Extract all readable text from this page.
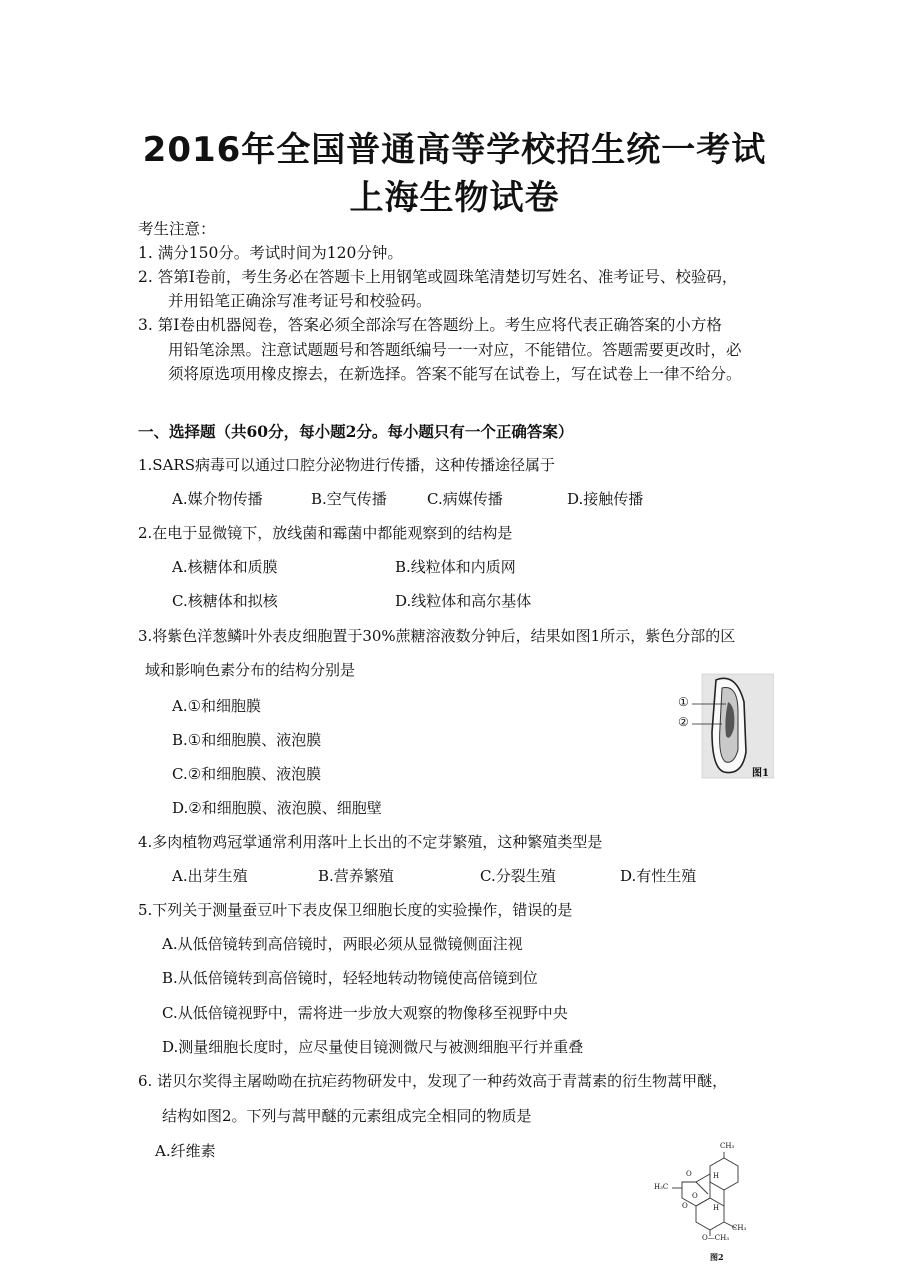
2016年全国普通高等学校招生统一考试
上海生物试卷
考生注意：
1. 满分150分。考试时间为120分钟。
2. 答第Ⅰ卷前，考生务必在答题卡上用钢笔或圆珠笔清楚切写姓名、准考证号、校验码，
并用铅笔正确涂写准考证号和校验码。
3. 第Ⅰ卷由机器阅卷，答案必须全部涂写在答题纷上。考生应将代表正确答案的小方格
用铅笔涂黑。注意试题题号和答题纸编号一一对应，不能错位。答题需要更改时，必
须将原选项用橡皮擦去，在新选择。答案不能写在试卷上，写在试卷上一律不给分。
一、选择题（共60分，每小题2分。每小题只有一个正确答案）
1.SARS病毒可以通过口腔分泌物进行传播，这种传播途径属于
A.媒介物传播	B.空气传播	C.病媒传播	D.接触传播
2.在电于显微镜下，放线菌和霉菌中都能观察到的结构是
A.核糖体和质膜	B.线粒体和内质网
C.核糖体和拟核	D.线粒体和高尔基体
3.将紫色洋葱鳞叶外表皮细胞置于30%蔗糖溶液数分钟后，结果如图1所示，紫色分部的区
域和影响色素分布的结构分别是
A.①和细胞膜
B.①和细胞膜、液泡膜
C.②和细胞膜、液泡膜
D.②和细胞膜、液泡膜、细胞壁
①
②
图1
4.多肉植物鸡冠掌通常利用落叶上长出的不定芽繁殖，这种繁殖类型是
A.出芽生殖	B.营养繁殖	C.分裂生殖	D.有性生殖
5.下列关于测量蚕豆叶下表皮保卫细胞长度的实验操作，错误的是
A.从低倍镜转到高倍镜时，两眼必须从显微镜侧面注视
B.从低倍镜转到高倍镜时，轻轻地转动物镜使高倍镜到位
C.从低倍镜视野中，需将进一步放大观察的物像移至视野中央
D.测量细胞长度时，应尽量使目镜测微尺与被测细胞平行并重叠
6. 诺贝尔奖得主屠呦呦在抗疟药物研发中，发现了一种药效高于青蒿素的衍生物蒿甲醚，
结构如图2。下列与蒿甲醚的元素组成完全相同的物质是
A.纤维素	CH₃
H₃C
O
O
O
H
H
CH₃
O—CH₃
图2
